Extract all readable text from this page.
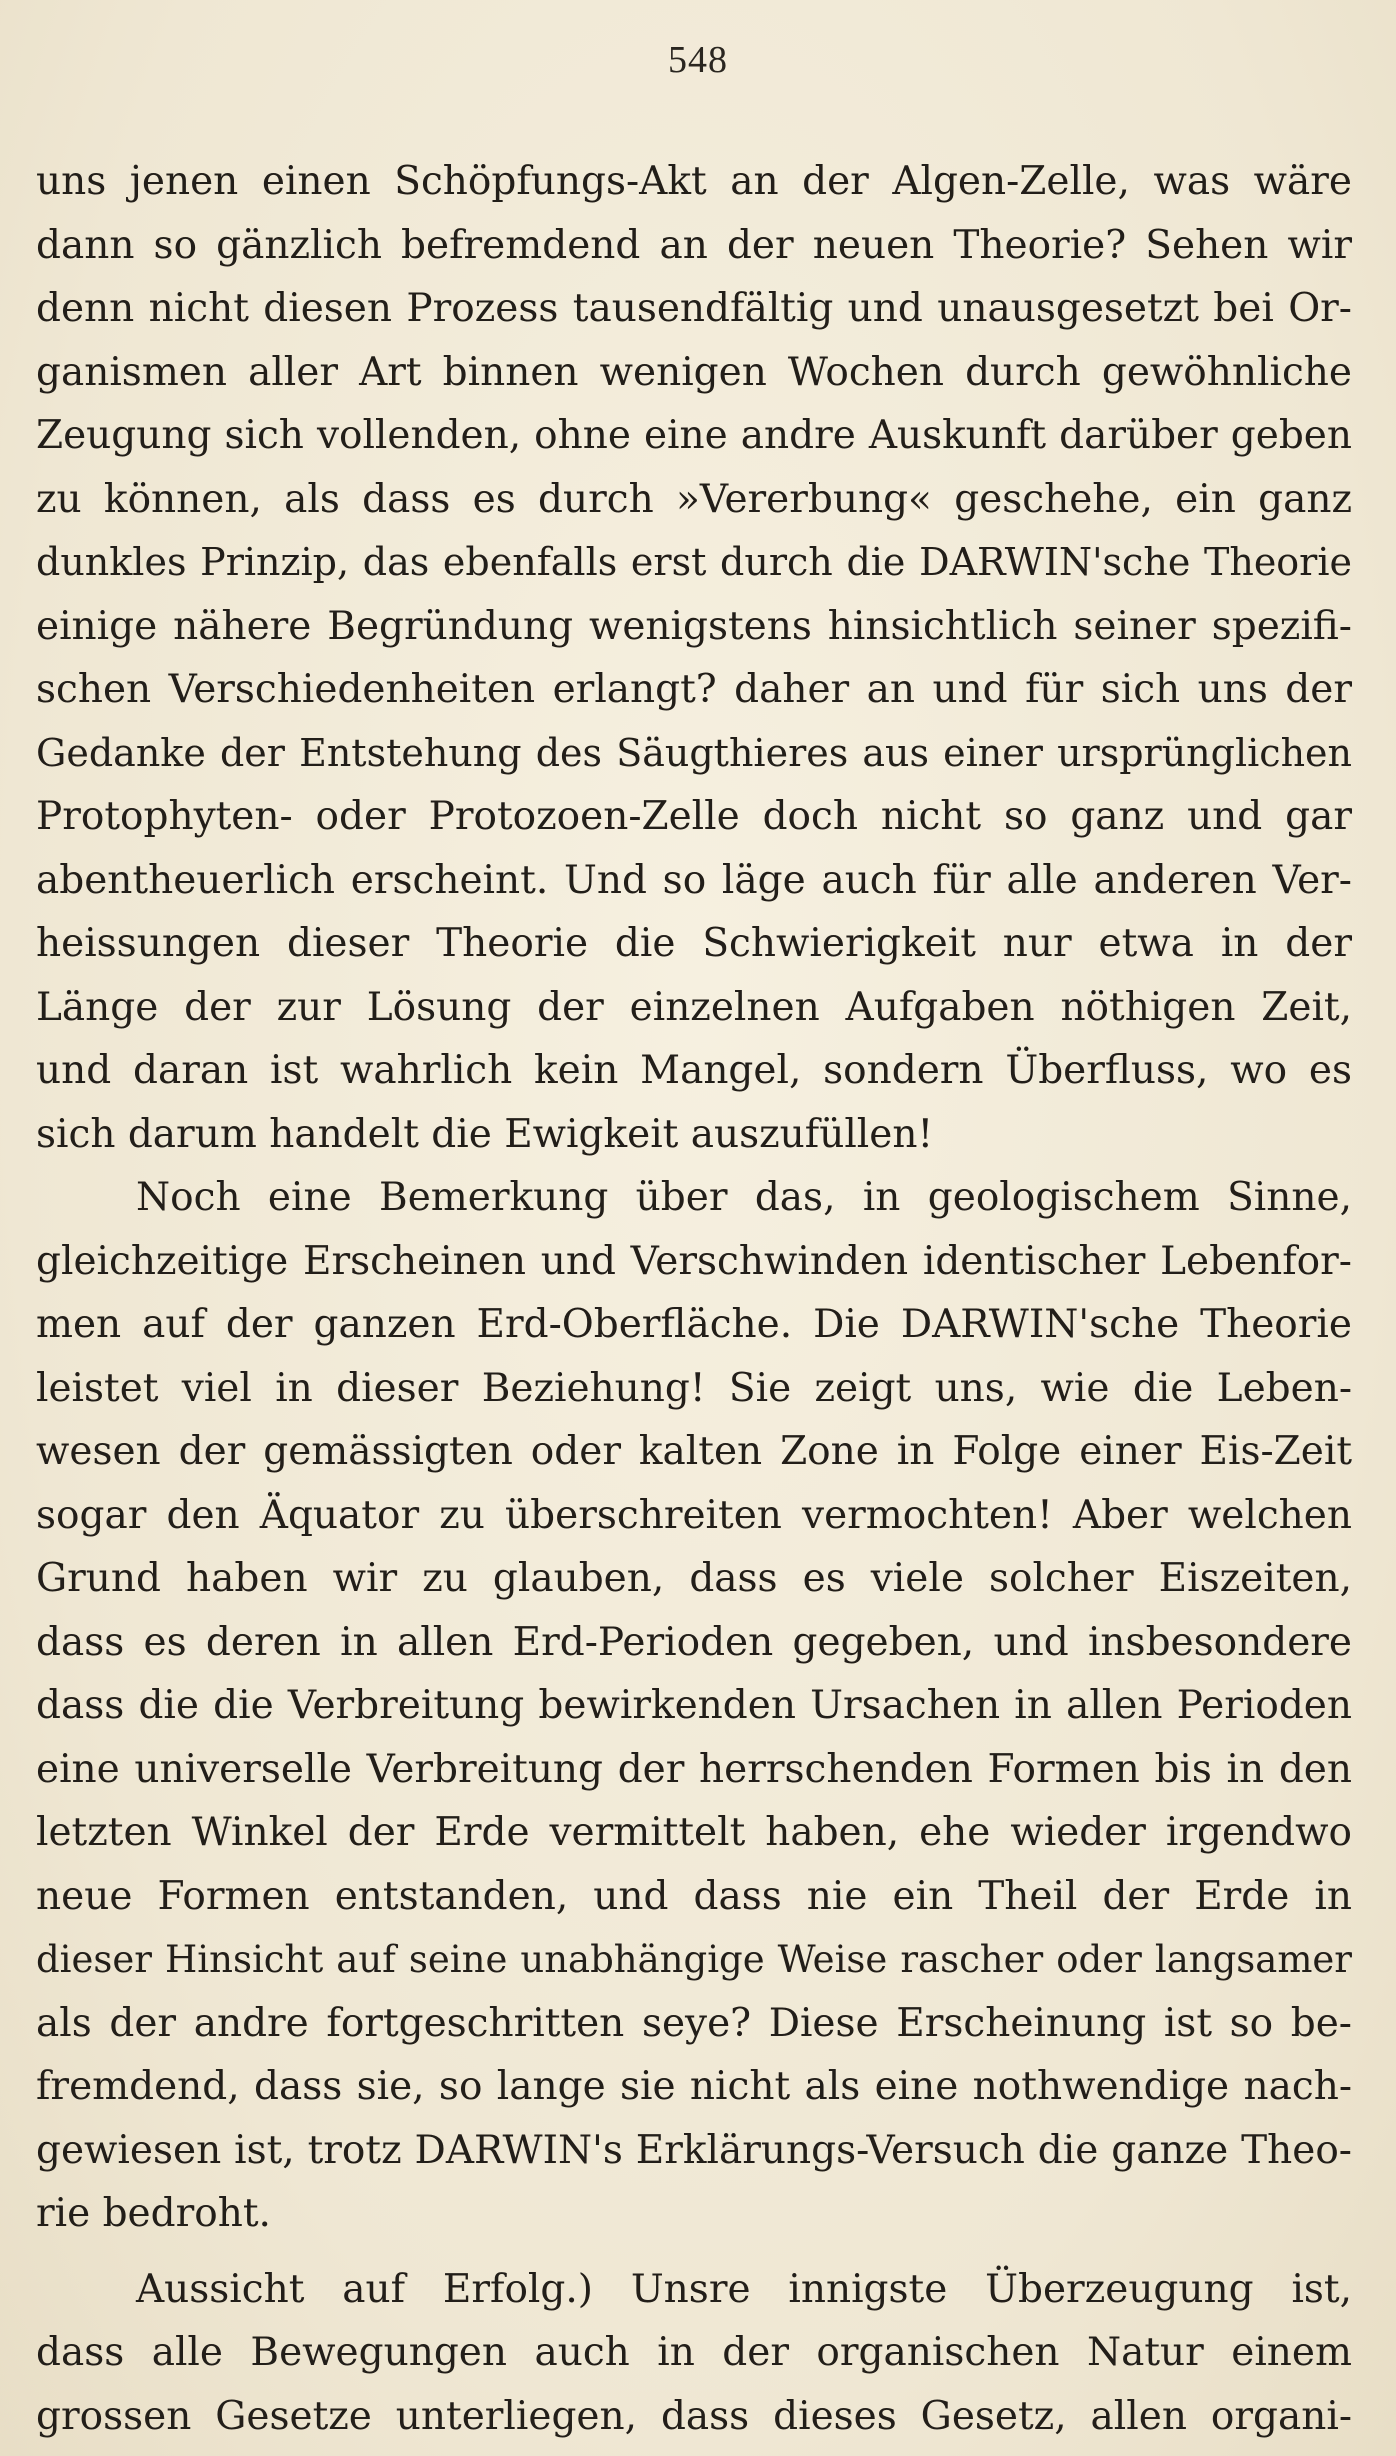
548
uns jenen einen Schöpfungs-Akt an der Algen-Zelle, was wäre
dann so gänzlich befremdend an der neuen Theorie? Sehen wir
denn nicht diesen Prozess tausendfältig und unausgesetzt bei Or-
ganismen aller Art binnen wenigen Wochen durch gewöhnliche
Zeugung sich vollenden, ohne eine andre Auskunft darüber geben
zu können, als dass es durch »Vererbung« geschehe, ein ganz
dunkles Prinzip, das ebenfalls erst durch die DARWIN'sche Theorie
einige nähere Begründung wenigstens hinsichtlich seiner spezifi-
schen Verschiedenheiten erlangt? daher an und für sich uns der
Gedanke der Entstehung des Säugthieres aus einer ursprünglichen
Protophyten- oder Protozoen-Zelle doch nicht so ganz und gar
abentheuerlich erscheint. Und so läge auch für alle anderen Ver-
heissungen dieser Theorie die Schwierigkeit nur etwa in der
Länge der zur Lösung der einzelnen Aufgaben nöthigen Zeit,
und daran ist wahrlich kein Mangel, sondern Überfluss, wo es
sich darum handelt die Ewigkeit auszufüllen!
Noch eine Bemerkung über das, in geologischem Sinne,
gleichzeitige Erscheinen und Verschwinden identischer Lebenfor-
men auf der ganzen Erd-Oberfläche. Die DARWIN'sche Theorie
leistet viel in dieser Beziehung! Sie zeigt uns, wie die Leben-
wesen der gemässigten oder kalten Zone in Folge einer Eis-Zeit
sogar den Äquator zu überschreiten vermochten! Aber welchen
Grund haben wir zu glauben, dass es viele solcher Eiszeiten,
dass es deren in allen Erd-Perioden gegeben, und insbesondere
dass die die Verbreitung bewirkenden Ursachen in allen Perioden
eine universelle Verbreitung der herrschenden Formen bis in den
letzten Winkel der Erde vermittelt haben, ehe wieder irgendwo
neue Formen entstanden, und dass nie ein Theil der Erde in
dieser Hinsicht auf seine unabhängige Weise rascher oder langsamer
als der andre fortgeschritten seye? Diese Erscheinung ist so be-
fremdend, dass sie, so lange sie nicht als eine nothwendige nach-
gewiesen ist, trotz DARWIN's Erklärungs-Versuch die ganze Theo-
rie bedroht.
Aussicht auf Erfolg.) Unsre innigste Überzeugung ist,
dass alle Bewegungen auch in der organischen Natur einem
grossen Gesetze unterliegen, dass dieses Gesetz, allen organi-
